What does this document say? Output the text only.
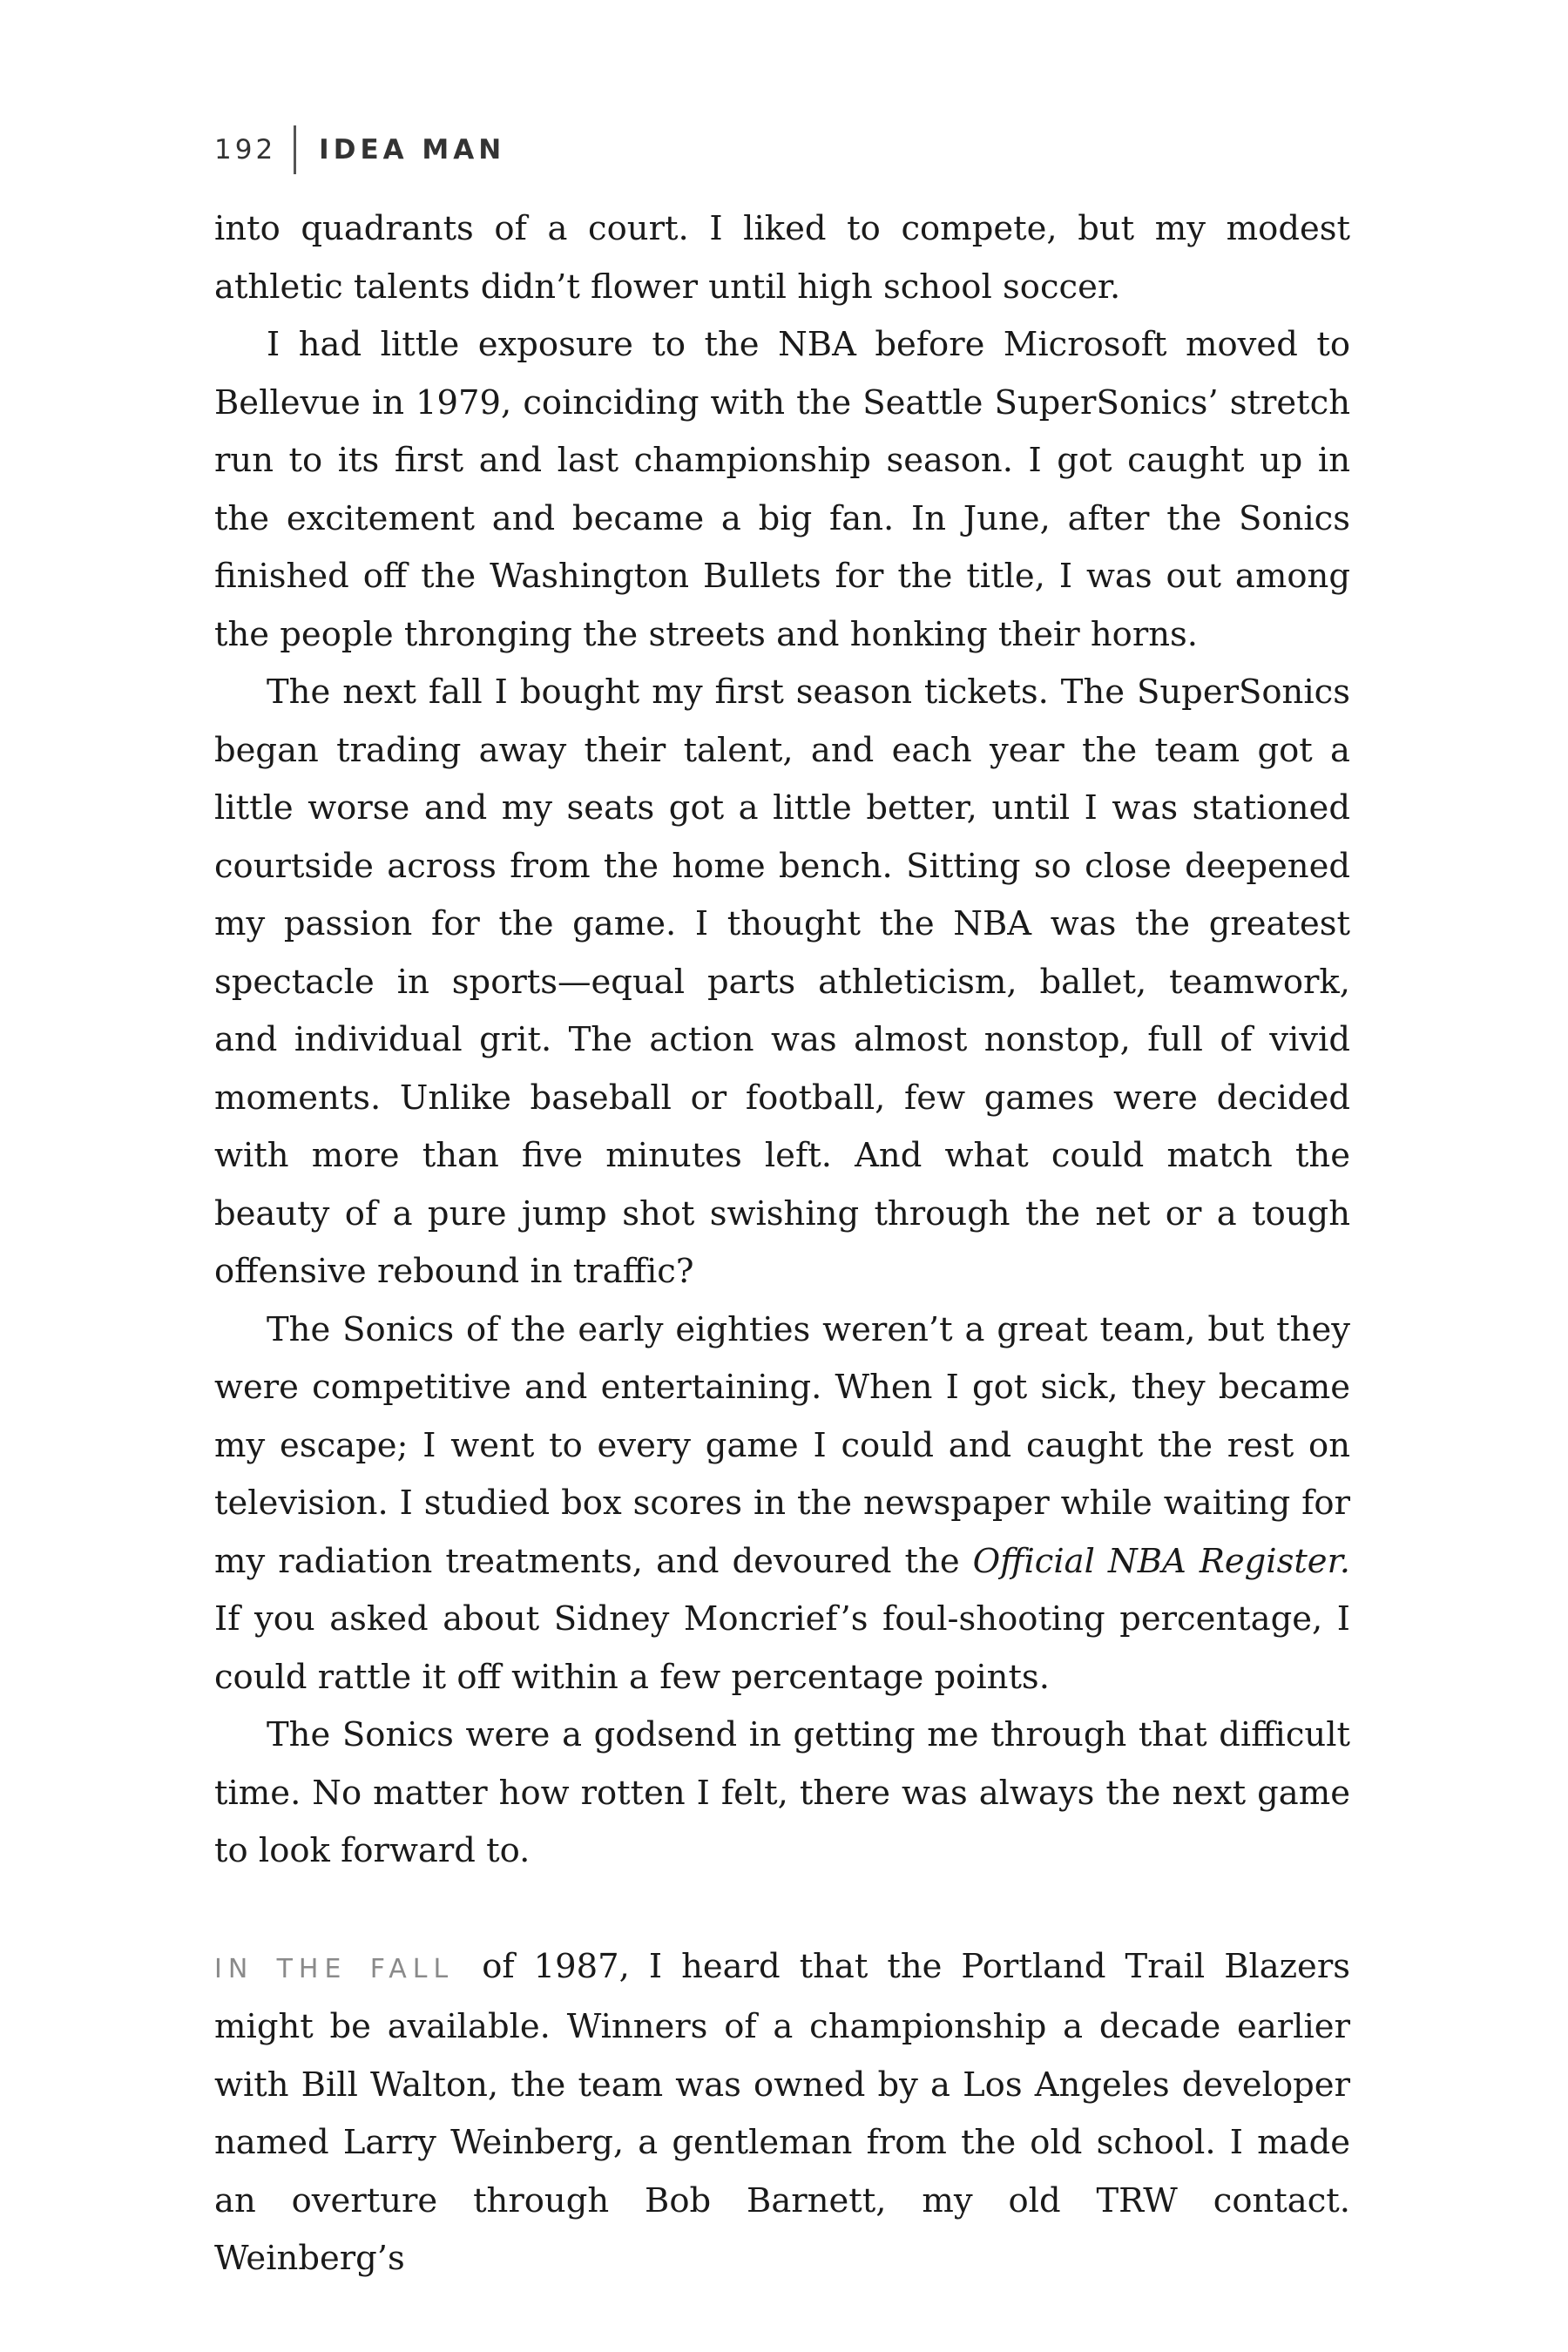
192 IDEA MAN

into quadrants of a court. I liked to compete, but my modest athletic talents didn’t flower until high school soccer.

I had little exposure to the NBA before Microsoft moved to Bellevue in 1979, coinciding with the Seattle SuperSonics’ stretch run to its first and last championship season. I got caught up in the excitement and became a big fan. In June, after the Sonics finished off the Washington Bullets for the title, I was out among the people thronging the streets and honking their horns.

The next fall I bought my first season tickets. The SuperSonics began trading away their talent, and each year the team got a little worse and my seats got a little better, until I was stationed courtside across from the home bench. Sitting so close deepened my passion for the game. I thought the NBA was the greatest spectacle in sports—equal parts athleticism, ballet, teamwork, and individual grit. The action was almost nonstop, full of vivid moments. Unlike baseball or football, few games were decided with more than five minutes left. And what could match the beauty of a pure jump shot swishing through the net or a tough offensive rebound in traffic?

The Sonics of the early eighties weren’t a great team, but they were competitive and entertaining. When I got sick, they became my escape; I went to every game I could and caught the rest on television. I studied box scores in the newspaper while waiting for my radiation treatments, and devoured the Official NBA Register. If you asked about Sidney Moncrief’s foul-shooting percentage, I could rattle it off within a few percentage points.

The Sonics were a godsend in getting me through that difficult time. No matter how rotten I felt, there was always the next game to look forward to.

IN THE FALL of 1987, I heard that the Portland Trail Blazers might be available. Winners of a championship a decade earlier with Bill Walton, the team was owned by a Los Angeles developer named Larry Weinberg, a gentleman from the old school. I made an overture through Bob Barnett, my old TRW contact. Weinberg’s
